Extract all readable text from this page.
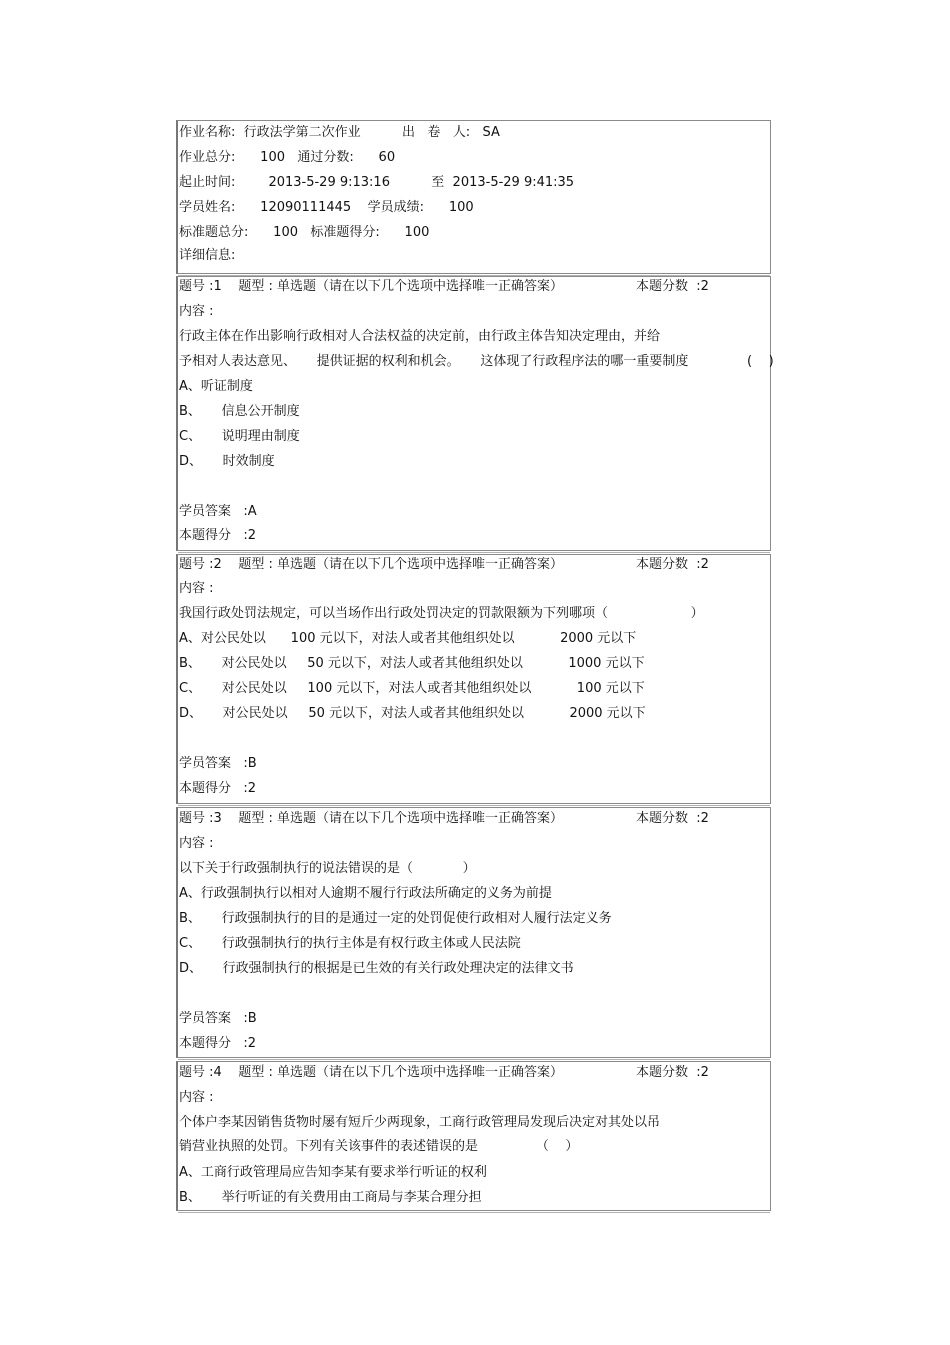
作业名称:  行政法学第二次作业          出   卷   人:   SA
作业总分:      100   通过分数:      60
起止时间:        2013-5-29 9:13:16          至  2013-5-29 9:41:35
学员姓名:      12090111445    学员成绩:      100
标准题总分:      100   标准题得分:      100
详细信息:
题号 :1    题型 : 单选题（请在以下几个选项中选择唯一正确答案）	本题分数  :2
内容 :
行政主体在作出影响行政相对人合法权益的决定前，由行政主体告知决定理由，并给
予相对人表达意见、     提供证据的权利和机会。     这体现了行政程序法的哪一重要制度	(    )
A、听证制度
B、     信息公开制度
C、     说明理由制度
D、     时效制度
学员答案   :A
本题得分   :2
题号 :2    题型 : 单选题（请在以下几个选项中选择唯一正确答案）	本题分数  :2
内容 :
我国行政处罚法规定，可以当场作出行政处罚决定的罚款限额为下列哪项（                    ）
A、对公民处以      100 元以下，对法人或者其他组织处以           2000 元以下
B、     对公民处以     50 元以下，对法人或者其他组织处以           1000 元以下
C、     对公民处以     100 元以下，对法人或者其他组织处以           100 元以下
D、     对公民处以     50 元以下，对法人或者其他组织处以           2000 元以下
学员答案   :B
本题得分   :2
题号 :3    题型 : 单选题（请在以下几个选项中选择唯一正确答案）	本题分数  :2
内容 :
以下关于行政强制执行的说法错误的是（            ）
A、行政强制执行以相对人逾期不履行行政法所确定的义务为前提
B、     行政强制执行的目的是通过一定的处罚促使行政相对人履行法定义务
C、     行政强制执行的执行主体是有权行政主体或人民法院
D、     行政强制执行的根据是已生效的有关行政处理决定的法律文书
学员答案   :B
本题得分   :2
题号 :4    题型 : 单选题（请在以下几个选项中选择唯一正确答案）	本题分数  :2
内容 :
个体户李某因销售货物时屡有短斤少两现象，工商行政管理局发现后决定对其处以吊
销营业执照的处罚。下列有关该事件的表述错误的是              （    ）
A、工商行政管理局应告知李某有要求举行听证的权利
B、     举行听证的有关费用由工商局与李某合理分担
